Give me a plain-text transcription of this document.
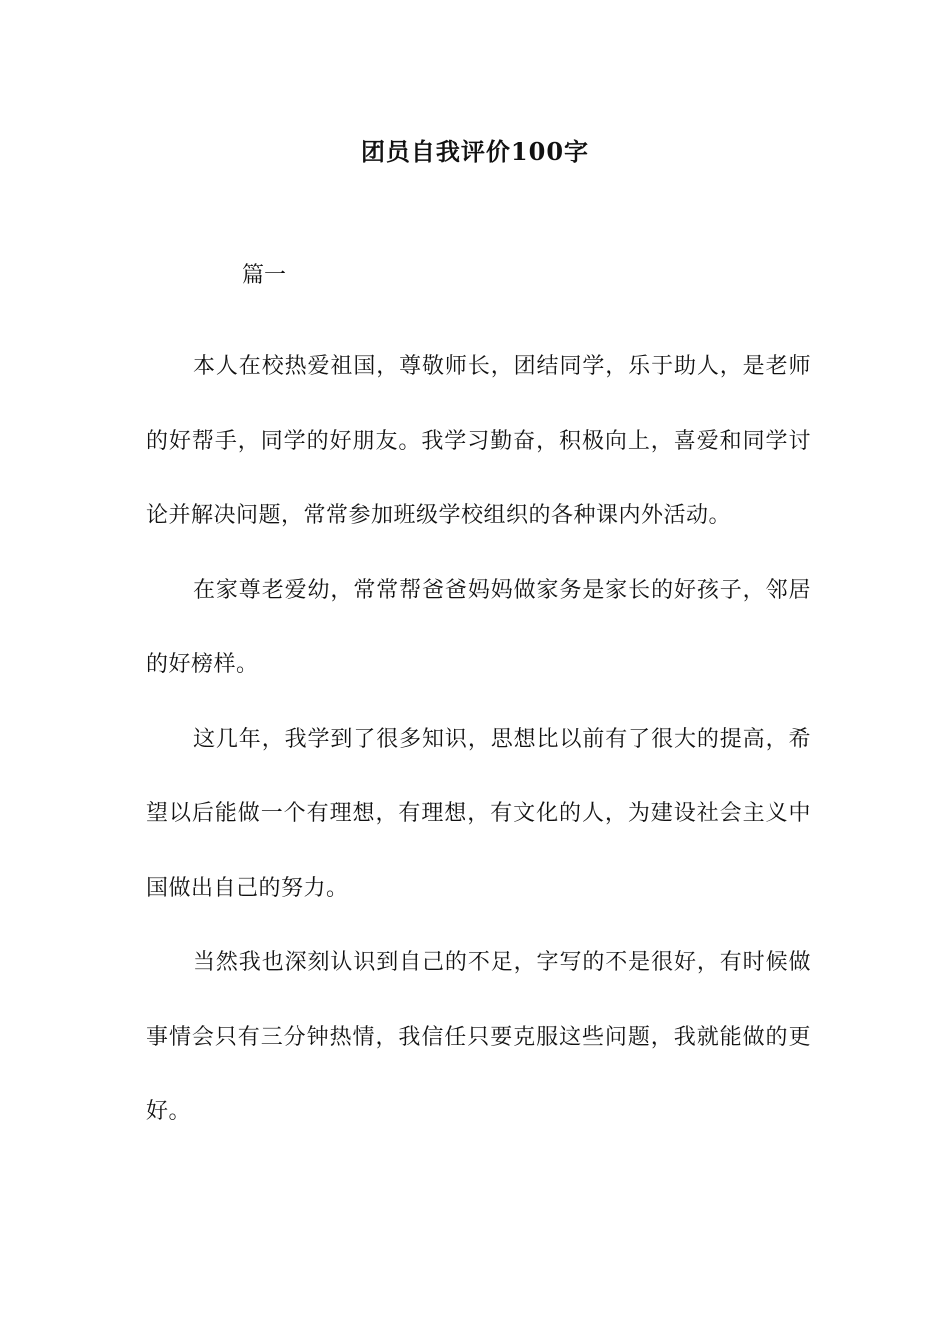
团员自我评价100字
篇一

本人在校热爱祖国，尊敬师长，团结同学，乐于助人，是老师的好帮手，同学的好朋友。我学习勤奋，积极向上，喜爱和同学讨论并解决问题，常常参加班级学校组织的各种课内外活动。

在家尊老爱幼，常常帮爸爸妈妈做家务是家长的好孩子，邻居的好榜样。

这几年，我学到了很多知识，思想比以前有了很大的提高，希望以后能做一个有理想，有理想，有文化的人，为建设社会主义中国做出自己的努力。

当然我也深刻认识到自己的不足，字写的不是很好，有时候做事情会只有三分钟热情，我信任只要克服这些问题，我就能做的更好。
